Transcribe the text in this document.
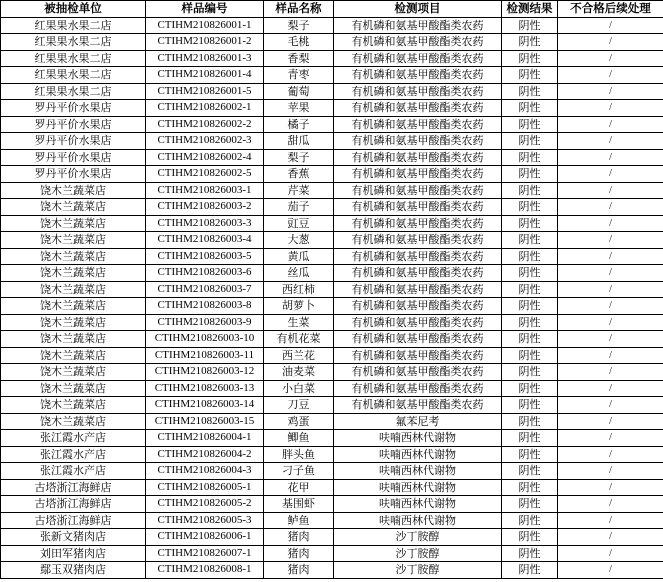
被抽检单位	样品编号	样品名称	检测项目	检测结果	不合格后续处理
红果果水果二店	CTIHM210826001-1	梨子	有机磷和氨基甲酸酯类农药	阴性	/
红果果水果二店	CTIHM210826001-2	毛桃	有机磷和氨基甲酸酯类农药	阴性	/
红果果水果二店	CTIHM210826001-3	香梨	有机磷和氨基甲酸酯类农药	阴性	/
红果果水果二店	CTIHM210826001-4	青枣	有机磷和氨基甲酸酯类农药	阴性	/
红果果水果二店	CTIHM210826001-5	葡萄	有机磷和氨基甲酸酯类农药	阴性	/
罗丹平价水果店	CTIHM210826002-1	苹果	有机磷和氨基甲酸酯类农药	阴性	/
罗丹平价水果店	CTIHM210826002-2	橘子	有机磷和氨基甲酸酯类农药	阴性	/
罗丹平价水果店	CTIHM210826002-3	甜瓜	有机磷和氨基甲酸酯类农药	阴性	/
罗丹平价水果店	CTIHM210826002-4	梨子	有机磷和氨基甲酸酯类农药	阴性	/
罗丹平价水果店	CTIHM210826002-5	香蕉	有机磷和氨基甲酸酯类农药	阴性	/
饶木兰蔬菜店	CTIHM210826003-1	芹菜	有机磷和氨基甲酸酯类农药	阴性	/
饶木兰蔬菜店	CTIHM210826003-2	茄子	有机磷和氨基甲酸酯类农药	阴性	/
饶木兰蔬菜店	CTIHM210826003-3	豇豆	有机磷和氨基甲酸酯类农药	阴性	/
饶木兰蔬菜店	CTIHM210826003-4	大葱	有机磷和氨基甲酸酯类农药	阴性	/
饶木兰蔬菜店	CTIHM210826003-5	黄瓜	有机磷和氨基甲酸酯类农药	阴性	/
饶木兰蔬菜店	CTIHM210826003-6	丝瓜	有机磷和氨基甲酸酯类农药	阴性	/
饶木兰蔬菜店	CTIHM210826003-7	西红柿	有机磷和氨基甲酸酯类农药	阴性	/
饶木兰蔬菜店	CTIHM210826003-8	胡萝卜	有机磷和氨基甲酸酯类农药	阴性	/
饶木兰蔬菜店	CTIHM210826003-9	生菜	有机磷和氨基甲酸酯类农药	阴性	/
饶木兰蔬菜店	CTIHM210826003-10	有机花菜	有机磷和氨基甲酸酯类农药	阴性	/
饶木兰蔬菜店	CTIHM210826003-11	西兰花	有机磷和氨基甲酸酯类农药	阴性	/
饶木兰蔬菜店	CTIHM210826003-12	油麦菜	有机磷和氨基甲酸酯类农药	阴性	/
饶木兰蔬菜店	CTIHM210826003-13	小白菜	有机磷和氨基甲酸酯类农药	阴性	/
饶木兰蔬菜店	CTIHM210826003-14	刀豆	有机磷和氨基甲酸酯类农药	阴性	/
饶木兰蔬菜店	CTIHM210826003-15	鸡蛋	氟苯尼考	阴性	/
张江霞水产店	CTIHM210826004-1	鲫鱼	呋喃西林代谢物	阴性	/
张江霞水产店	CTIHM210826004-2	胖头鱼	呋喃西林代谢物	阴性	/
张江霞水产店	CTIHM210826004-3	刁子鱼	呋喃西林代谢物	阴性	/
古塔浙江海鲜店	CTIHM210826005-1	花甲	呋喃西林代谢物	阴性	/
古塔浙江海鲜店	CTIHM210826005-2	基围虾	呋喃西林代谢物	阴性	/
古塔浙江海鲜店	CTIHM210826005-3	鲈鱼	呋喃西林代谢物	阴性	/
张新文猪肉店	CTIHM210826006-1	猪肉	沙丁胺醇	阴性	/
刘田军猪肉店	CTIHM210826007-1	猪肉	沙丁胺醇	阴性	/
鄢玉双猪肉店	CTIHM210826008-1	猪肉	沙丁胺醇	阴性	/
